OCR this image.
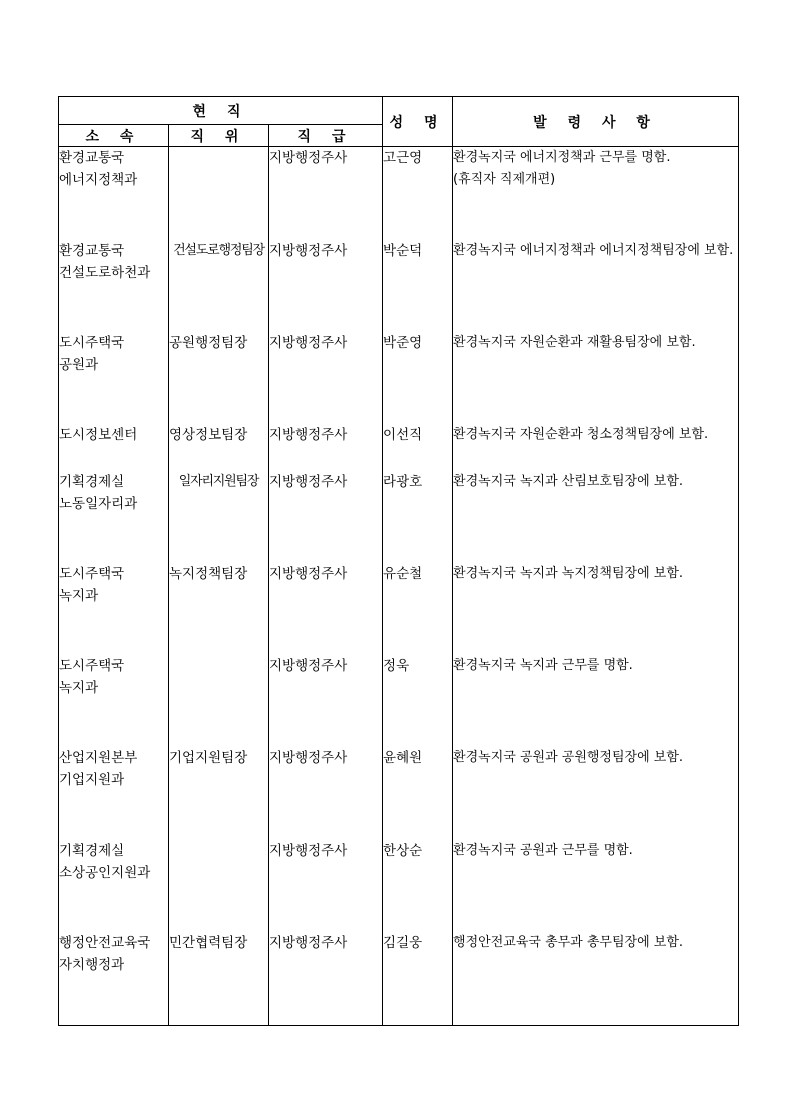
현 직			성 명	발 령 사 항
소 속	직 위	직 급		

환경교통국
에너지정책과		지방행정주사	고근영	환경녹지국 에너지정책과 근무를 명함.
(휴직자 직제개편)

환경교통국
건설도로하천과	건설도로행정팀장	지방행정주사	박순덕	환경녹지국 에너지정책과 에너지정책팀장에 보함.

도시주택국
공원과	공원행정팀장	지방행정주사	박준영	환경녹지국 자원순환과 재활용팀장에 보함.

도시정보센터	영상정보팀장	지방행정주사	이선직	환경녹지국 자원순환과 청소정책팀장에 보함.

기획경제실
노동일자리과	일자리지원팀장	지방행정주사	라광호	환경녹지국 녹지과 산림보호팀장에 보함.

도시주택국
녹지과	녹지정책팀장	지방행정주사	유순철	환경녹지국 녹지과 녹지정책팀장에 보함.

도시주택국
녹지과		지방행정주사	정욱	환경녹지국 녹지과 근무를 명함.

산업지원본부
기업지원과	기업지원팀장	지방행정주사	윤혜원	환경녹지국 공원과 공원행정팀장에 보함.

기획경제실
소상공인지원과		지방행정주사	한상순	환경녹지국 공원과 근무를 명함.

행정안전교육국
자치행정과	민간협력팀장	지방행정주사	김길웅	행정안전교육국 총무과 총무팀장에 보함.
